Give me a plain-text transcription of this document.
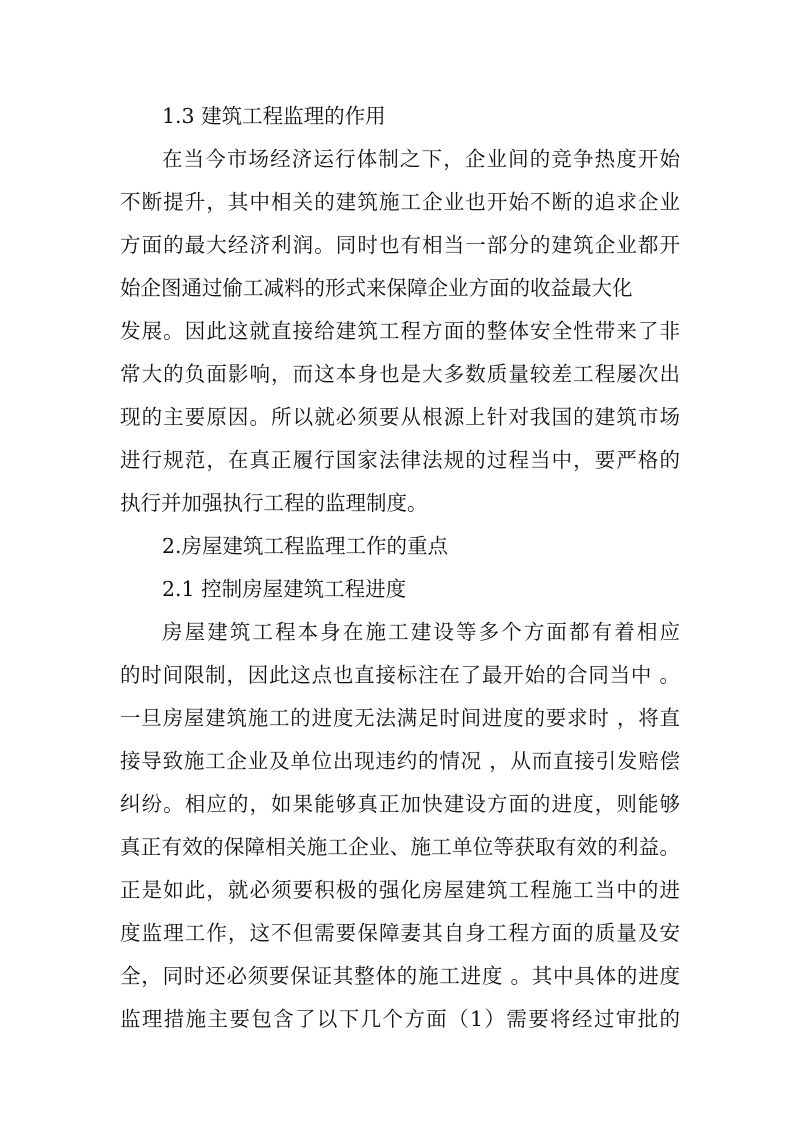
1.3 建筑工程监理的作用
在当今市场经济运行体制之下，企业间的竞争热度开始
不断提升，其中相关的建筑施工企业也开始不断的追求企业
方面的最大经济利润。同时也有相当一部分的建筑企业都开
始企图通过偷工减料的形式来保障企业方面的收益最大化
发展。因此这就直接给建筑工程方面的整体安全性带来了非
常大的负面影响，而这本身也是大多数质量较差工程屡次出
现的主要原因。所以就必须要从根源上针对我国的建筑市场
进行规范，在真正履行国家法律法规的过程当中，要严格的
执行并加强执行工程的监理制度。
2.房屋建筑工程监理工作的重点
2.1 控制房屋建筑工程进度
房屋建筑工程本身在施工建设等多个方面都有着相应
的时间限制，因此这点也直接标注在了最开始的合同当中 。
一旦房屋建筑施工的进度无法满足时间进度的要求时 ，将直
接导致施工企业及单位出现违约的情况 ，从而直接引发赔偿
纠纷。相应的，如果能够真正加快建设方面的进度，则能够
真正有效的保障相关施工企业、施工单位等获取有效的利益。
正是如此，就必须要积极的强化房屋建筑工程施工当中的进
度监理工作，这不但需要保障妻其自身工程方面的质量及安
全，同时还必须要保证其整体的施工进度 。其中具体的进度
监理措施主要包含了以下几个方面（1）需要将经过审批的
